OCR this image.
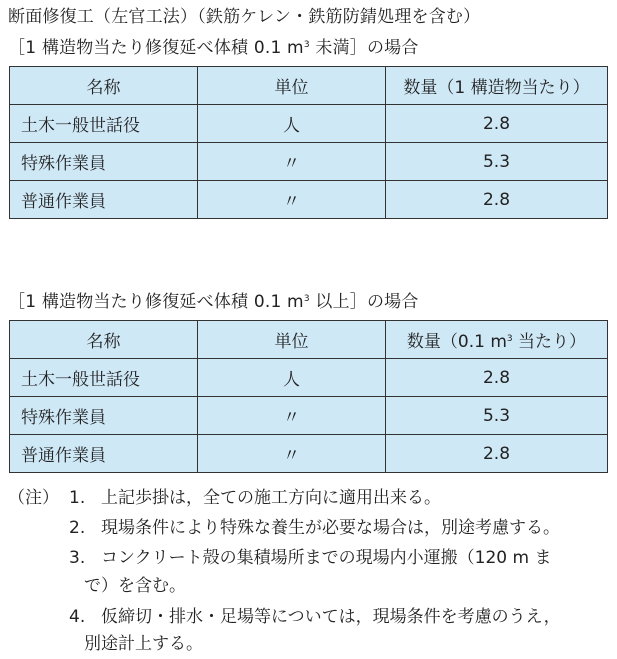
断面修復工（左官工法）（鉄筋ケレン・鉄筋防錆処理を含む）
［1 構造物当たり修復延べ体積 0.1 $m^3$ 未満］の場合
名称	単位	数量（1 構造物当たり）
土木一般世話役	人	2.8
特殊作業員	〃	5.3
普通作業員	〃	2.8
［1 構造物当たり修復延べ体積 0.1 $m^3$ 以上］の場合
名称	単位	数量（0.1 $m^3$ 当たり）
土木一般世話役	人	2.8
特殊作業員	〃	5.3
普通作業員	〃	2.8
（注） 1. 上記歩掛は，全ての施工方向に適用出来る。
2. 現場条件により特殊な養生が必要な場合は，別途考慮する。
3. コンクリート殻の集積場所までの現場内小運搬（120 m ま
で）を含む。
4. 仮締切・排水・足場等については，現場条件を考慮のうえ，
別途計上する。
